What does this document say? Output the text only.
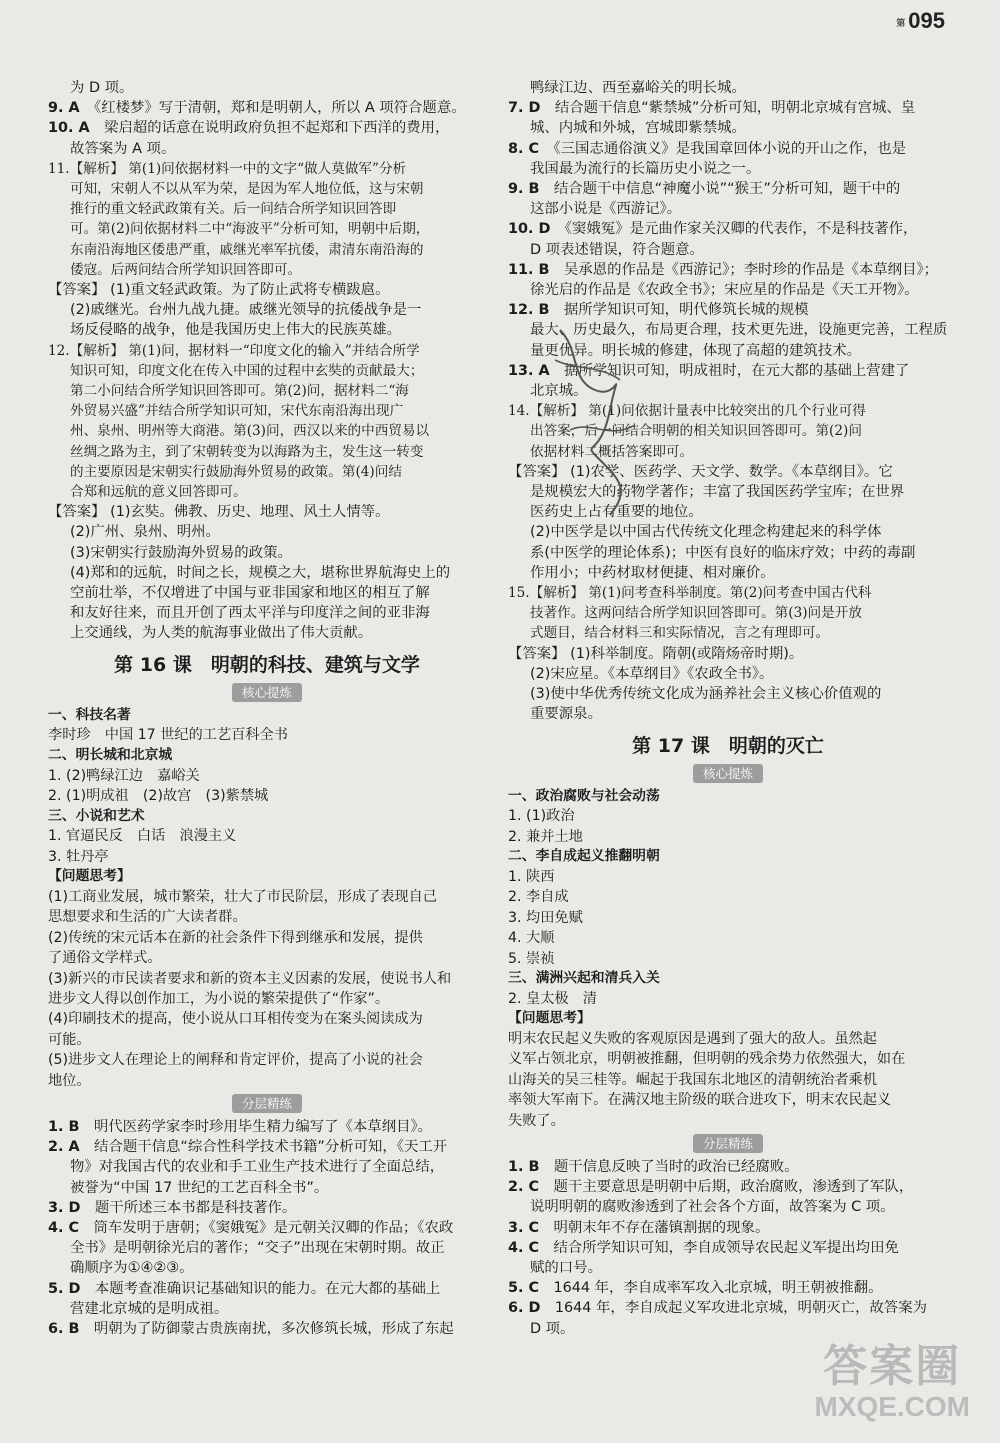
第 095
为 D 项。
9. A　 《红楼梦》写于清朝，郑和是明朝人，所以 A 项符合题意。
10. A　 梁启超的话意在说明政府负担不起郑和下西洋的费用，
故答案为 A 项。
11.【解析】 第(1)问依据材料一中的文字“做人莫做军”分析
可知，宋朝人不以从军为荣，是因为军人地位低，这与宋朝
推行的重文轻武政策有关。后一问结合所学知识回答即
可。第(2)问依据材料二中“海波平”分析可知，明朝中后期，
东南沿海地区倭患严重，戚继光率军抗倭，肃清东南沿海的
倭寇。后两问结合所学知识回答即可。
【答案】 (1)重文轻武政策。为了防止武将专横跋扈。
(2)戚继光。台州九战九捷。戚继光领导的抗倭战争是一
场反侵略的战争，他是我国历史上伟大的民族英雄。
12.【解析】 第(1)问，据材料一“印度文化的输入”并结合所学
知识可知，印度文化在传入中国的过程中玄奘的贡献最大；
第二小问结合所学知识回答即可。第(2)问，据材料二“海
外贸易兴盛”并结合所学知识可知，宋代东南沿海出现广
州、泉州、明州等大商港。第(3)问，西汉以来的中西贸易以
丝绸之路为主，到了宋朝转变为以海路为主，发生这一转变
的主要原因是宋朝实行鼓励海外贸易的政策。第(4)问结
合郑和远航的意义回答即可。
【答案】 (1)玄奘。佛教、历史、地理、风土人情等。
(2)广州、泉州、明州。
(3)宋朝实行鼓励海外贸易的政策。
(4)郑和的远航，时间之长，规模之大，堪称世界航海史上的
空前壮举，不仅增进了中国与亚非国家和地区的相互了解
和友好往来，而且开创了西太平洋与印度洋之间的亚非海
上交通线，为人类的航海事业做出了伟大贡献。
第 16 课　明朝的科技、建筑与文学
核心提炼
一、科技名著
李时珍　中国 17 世纪的工艺百科全书
二、明长城和北京城
1. (2)鸭绿江边　嘉峪关
2. (1)明成祖　(2)故宫　(3)紫禁城
三、小说和艺术
1. 官逼民反　白话　浪漫主义
3. 牡丹亭
【问题思考】
(1)工商业发展，城市繁荣，壮大了市民阶层，形成了表现自己
思想要求和生活的广大读者群。
(2)传统的宋元话本在新的社会条件下得到继承和发展，提供
了通俗文学样式。
(3)新兴的市民读者要求和新的资本主义因素的发展，使说书人和
进步文人得以创作加工，为小说的繁荣提供了“作家”。
(4)印刷技术的提高，使小说从口耳相传变为在案头阅读成为
可能。
(5)进步文人在理论上的阐释和肯定评价，提高了小说的社会
地位。
分层精练
1. B　 明代医药学家李时珍用毕生精力编写了《本草纲目》。
2. A　 结合题干信息“综合性科学技术书籍”分析可知，《天工开
物》对我国古代的农业和手工业生产技术进行了全面总结，
被誉为“中国 17 世纪的工艺百科全书”。
3. D　 题干所述三本书都是科技著作。
4. C　 筒车发明于唐朝；《窦娥冤》是元朝关汉卿的作品；《农政
全书》是明朝徐光启的著作；“交子”出现在宋朝时期。故正
确顺序为①④②③。
5. D　 本题考查准确识记基础知识的能力。在元大都的基础上
营建北京城的是明成祖。
6. B　 明朝为了防御蒙古贵族南扰，多次修筑长城，形成了东起
鸭绿江边、西至嘉峪关的明长城。
7. D　 结合题干信息“紫禁城”分析可知，明朝北京城有宫城、皇
城、内城和外城，宫城即紫禁城。
8. C　 《三国志通俗演义》是我国章回体小说的开山之作，也是
我国最为流行的长篇历史小说之一。
9. B　 结合题干中信息“神魔小说”“猴王”分析可知，题干中的
这部小说是《西游记》。
10. D　 《窦娥冤》是元曲作家关汉卿的代表作，不是科技著作，
D 项表述错误，符合题意。
11. B　 吴承恩的作品是《西游记》；李时珍的作品是《本草纲目》；
徐光启的作品是《农政全书》；宋应星的作品是《天工开物》。
12. B　 据所学知识可知，明代修筑长城的规模
最大、历史最久，布局更合理，技术更先进，设施更完善，工程质
量更优异。明长城的修建，体现了高超的建筑技术。
13. A　 据所学知识可知，明成祖时，在元大都的基础上营建了
北京城。
14.【解析】 第(1)问依据计量表中比较突出的几个行业可得
出答案，后一问结合明朝的相关知识回答即可。第(2)问
依据材料二概括答案即可。
【答案】 (1)农学、医药学、天文学、数学。《本草纲目》。它
是规模宏大的药物学著作；丰富了我国医药学宝库；在世界
医药史上占有重要的地位。
(2)中医学是以中国古代传统文化理念构建起来的科学体
系(中医学的理论体系)；中医有良好的临床疗效；中药的毒副
作用小；中药材取材便捷、相对廉价。
15.【解析】 第(1)问考查科举制度。第(2)问考查中国古代科
技著作。这两问结合所学知识回答即可。第(3)问是开放
式题目，结合材料三和实际情况，言之有理即可。
【答案】 (1)科举制度。隋朝(或隋炀帝时期)。
(2)宋应星。《本草纲目》《农政全书》。
(3)使中华优秀传统文化成为涵养社会主义核心价值观的
重要源泉。
第 17 课　明朝的灭亡
核心提炼
一、政治腐败与社会动荡
1. (1)政治
2. 兼并土地
二、李自成起义推翻明朝
1. 陕西
2. 李自成
3. 均田免赋
4. 大顺
5. 崇祯
三、满洲兴起和清兵入关
2. 皇太极　清
【问题思考】
明末农民起义失败的客观原因是遇到了强大的敌人。虽然起
义军占领北京，明朝被推翻，但明朝的残余势力依然强大，如在
山海关的吴三桂等。崛起于我国东北地区的清朝统治者乘机
率领大军南下。在满汉地主阶级的联合进攻下，明末农民起义
失败了。
分层精练
1. B　 题干信息反映了当时的政治已经腐败。
2. C　 题干主要意思是明朝中后期，政治腐败，渗透到了军队，
说明明朝的腐败渗透到了社会各个方面，故答案为 C 项。
3. C　 明朝末年不存在藩镇割据的现象。
4. C　 结合所学知识可知，李自成领导农民起义军提出均田免
赋的口号。
5. C　 1644 年，李自成率军攻入北京城，明王朝被推翻。
6. D　 1644 年，李自成起义军攻进北京城，明朝灭亡，故答案为
D 项。
答案圈
MXQE.COM
